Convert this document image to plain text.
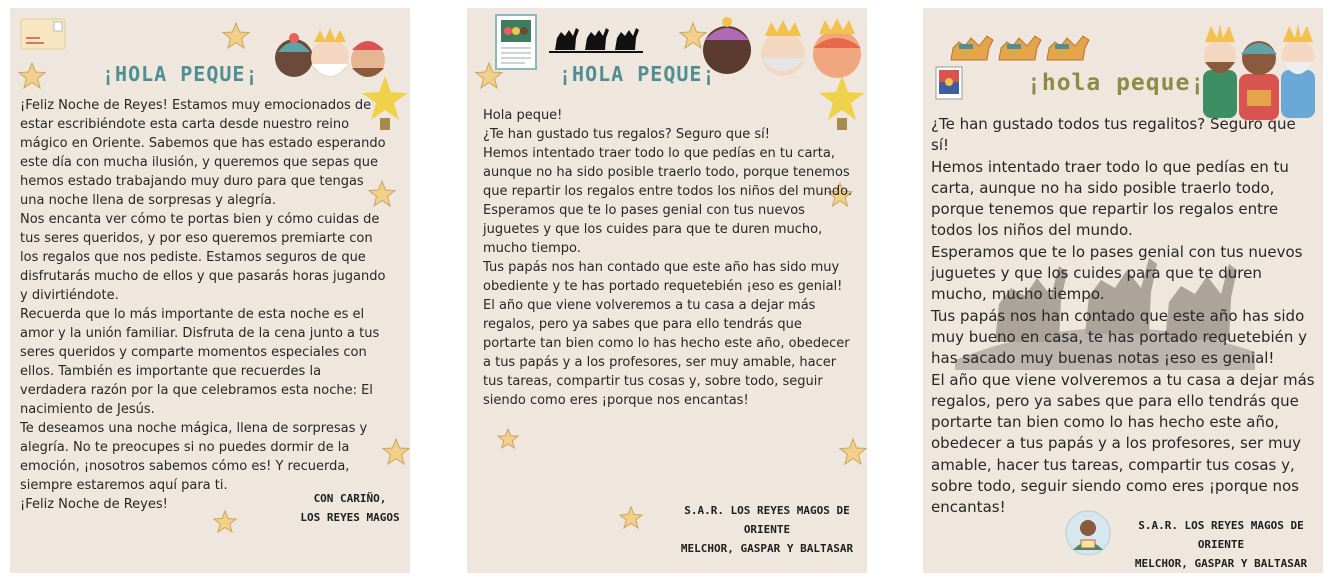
¡HOLA PEQUE¡
¡Feliz Noche de Reyes! Estamos muy emocionados de
estar escribiéndote esta carta desde nuestro reino
mágico en Oriente. Sabemos que has estado esperando
este día con mucha ilusión, y queremos que sepas que
hemos estado trabajando muy duro para que tengas
una noche llena de sorpresas y alegría.
Nos encanta ver cómo te portas bien y cómo cuidas de
tus seres queridos, y por eso queremos premiarte con
los regalos que nos pediste. Estamos seguros de que
disfrutarás mucho de ellos y que pasarás horas jugando
y divirtiéndote.
Recuerda que lo más importante de esta noche es el
amor y la unión familiar. Disfruta de la cena junto a tus
seres queridos y comparte momentos especiales con
ellos. También es importante que recuerdes la
verdadera razón por la que celebramos esta noche: El
nacimiento de Jesús.
Te deseamos una noche mágica, llena de sorpresas y
alegría. No te preocupes si no puedes dormir de la
emoción, ¡nosotros sabemos cómo es! Y recuerda,
siempre estaremos aquí para ti.
¡Feliz Noche de Reyes!	CON CARIÑO,
LOS REYES MAGOS
¡HOLA PEQUE¡
Hola peque!
¿Te han gustado tus regalos? Seguro que sí!
Hemos intentado traer todo lo que pedías en tu carta,
aunque no ha sido posible traerlo todo, porque tenemos
que repartir los regalos entre todos los niños del mundo.
Esperamos que te lo pases genial con tus nuevos
juguetes y que los cuides para que te duren mucho,
mucho tiempo.
Tus papás nos han contado que este año has sido muy
obediente y te has portado requetebién ¡eso es genial!
El año que viene volveremos a tu casa a dejar más
regalos, pero ya sabes que para ello tendrás que
portarte tan bien como lo has hecho este año, obedecer
a tus papás y a los profesores, ser muy amable, hacer
tus tareas, compartir tus cosas y, sobre todo, seguir
siendo como eres ¡porque nos encantas!
S.A.R. LOS REYES MAGOS DE ORIENTE
MELCHOR, GASPAR Y BALTASAR
¡hola peque¡
¿Te han gustado todos tus regalitos? Seguro que
sí!
Hemos intentado traer todo lo que pedías en tu
carta, aunque no ha sido posible traerlo todo,
porque tenemos que repartir los regalos entre
todos los niños del mundo.
Esperamos que te lo pases genial con tus nuevos
juguetes y que los cuides para que te duren
mucho, mucho tiempo.
Tus papás nos han contado que este año has sido
muy bueno en casa, te has portado requetebién y
has sacado muy buenas notas ¡eso es genial!
El año que viene volveremos a tu casa a dejar más
regalos, pero ya sabes que para ello tendrás que
portarte tan bien como lo has hecho este año,
obedecer a tus papás y a los profesores, ser muy
amable, hacer tus tareas, compartir tus cosas y,
sobre todo, seguir siendo como eres ¡porque nos
encantas!
S.A.R. LOS REYES MAGOS DE ORIENTE
MELCHOR, GASPAR Y BALTASAR
